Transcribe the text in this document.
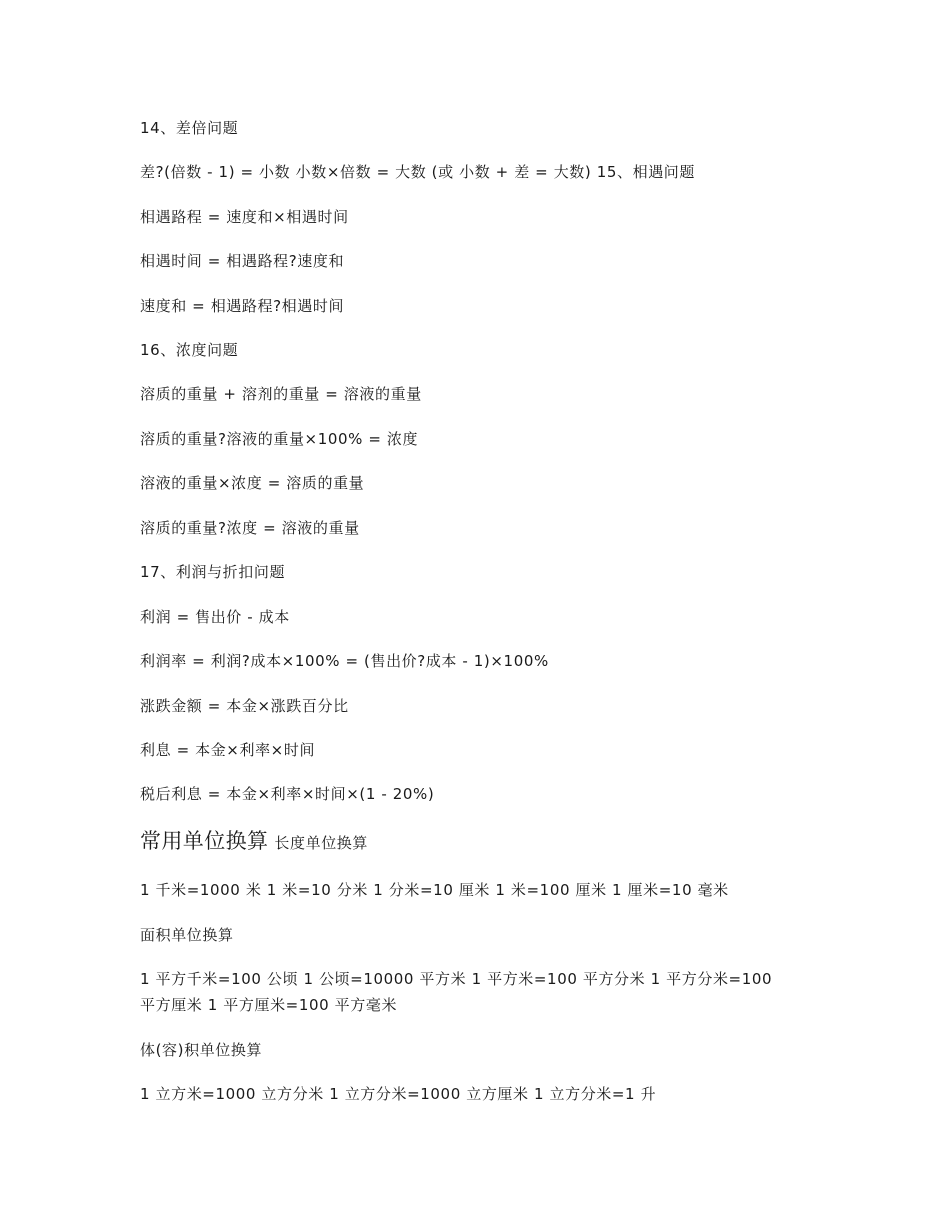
14、差倍问题
差?(倍数 - 1) = 小数 小数×倍数 = 大数 (或 小数 + 差 = 大数) 15、相遇问题
相遇路程 = 速度和×相遇时间
相遇时间 = 相遇路程?速度和
速度和 = 相遇路程?相遇时间
16、浓度问题
溶质的重量 + 溶剂的重量 = 溶液的重量
溶质的重量?溶液的重量×100% = 浓度
溶液的重量×浓度 = 溶质的重量
溶质的重量?浓度 = 溶液的重量
17、利润与折扣问题
利润 = 售出价 - 成本
利润率 = 利润?成本×100% = (售出价?成本 - 1)×100%
涨跌金额 = 本金×涨跌百分比
利息 = 本金×利率×时间
税后利息 = 本金×利率×时间×(1 - 20%)
常用单位换算 长度单位换算
1 千米=1000 米 1 米=10 分米 1 分米=10 厘米 1 米=100 厘米 1 厘米=10 毫米
面积单位换算
1 平方千米=100 公顷 1 公顷=10000 平方米 1 平方米=100 平方分米 1 平方分米=100 平方厘米 1 平方厘米=100 平方毫米
体(容)积单位换算
1 立方米=1000 立方分米 1 立方分米=1000 立方厘米 1 立方分米=1 升
